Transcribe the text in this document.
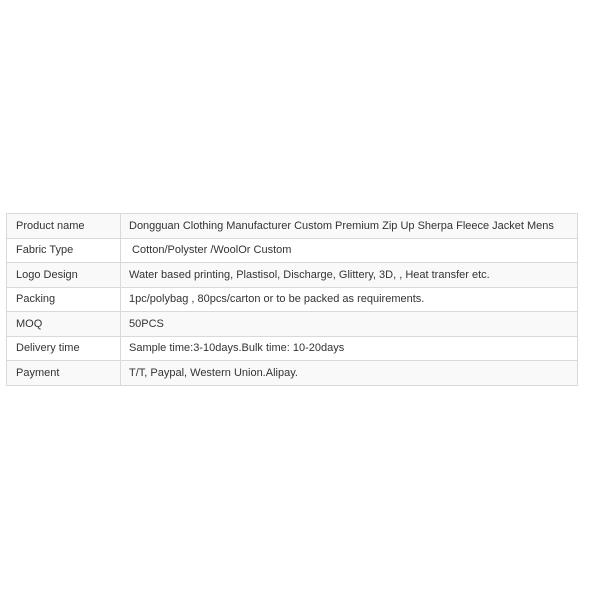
Product name	Dongguan Clothing Manufacturer Custom Premium Zip Up Sherpa Fleece Jacket Mens
Fabric Type	Cotton/Polyster /WoolOr Custom
Logo Design	Water based printing, Plastisol, Discharge, Glittery, 3D, , Heat transfer etc.
Packing	1pc/polybag , 80pcs/carton or to be packed as requirements.
MOQ	50PCS
Delivery time	Sample time:3-10days.Bulk time: 10-20days
Payment	T/T, Paypal, Western Union.Alipay.
